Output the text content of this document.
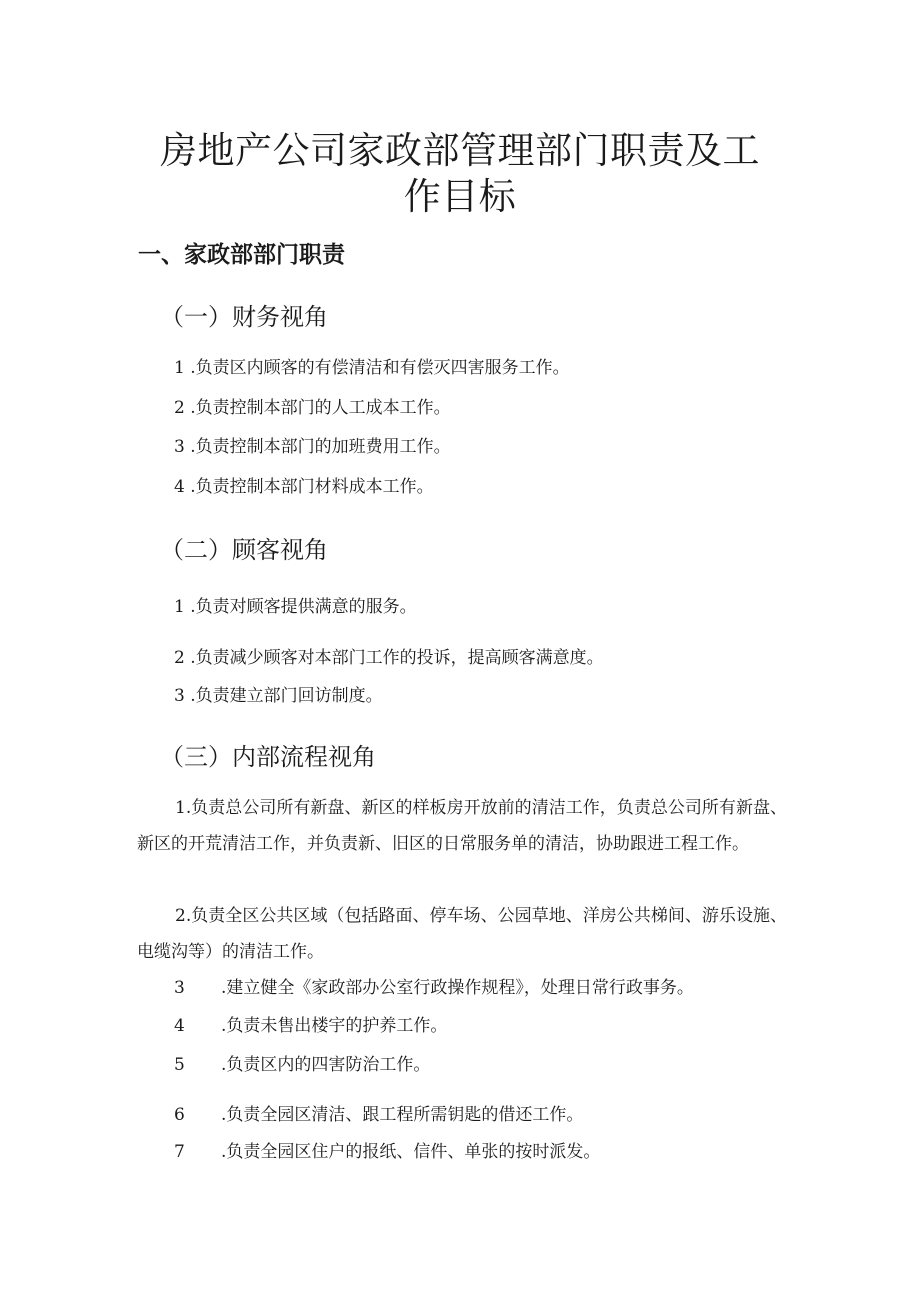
房地产公司家政部管理部门职责及工作目标
一、家政部部门职责
（一）财务视角

1 .负责区内顾客的有偿清洁和有偿灭四害服务工作。

2 .负责控制本部门的人工成本工作。

3 .负责控制本部门的加班费用工作。

4 .负责控制本部门材料成本工作。

（二）顾客视角

1 .负责对顾客提供满意的服务。

2 .负责减少顾客对本部门工作的投诉，提高顾客满意度。

3 .负责建立部门回访制度。

（三）内部流程视角

1.负责总公司所有新盘、新区的样板房开放前的清洁工作，负责总公司所有新盘、新区的开荒清洁工作，并负责新、旧区的日常服务单的清洁，协助跟进工程工作。

2.负责全区公共区域（包括路面、停车场、公园草地、洋房公共梯间、游乐设施、电缆沟等）的清洁工作。

3 .建立健全《家政部办公室行政操作规程》，处理日常行政事务。

4 .负责未售出楼宇的护养工作。

5 .负责区内的四害防治工作。

6 .负责全园区清洁、跟工程所需钥匙的借还工作。

7 .负责全园区住户的报纸、信件、单张的按时派发。
